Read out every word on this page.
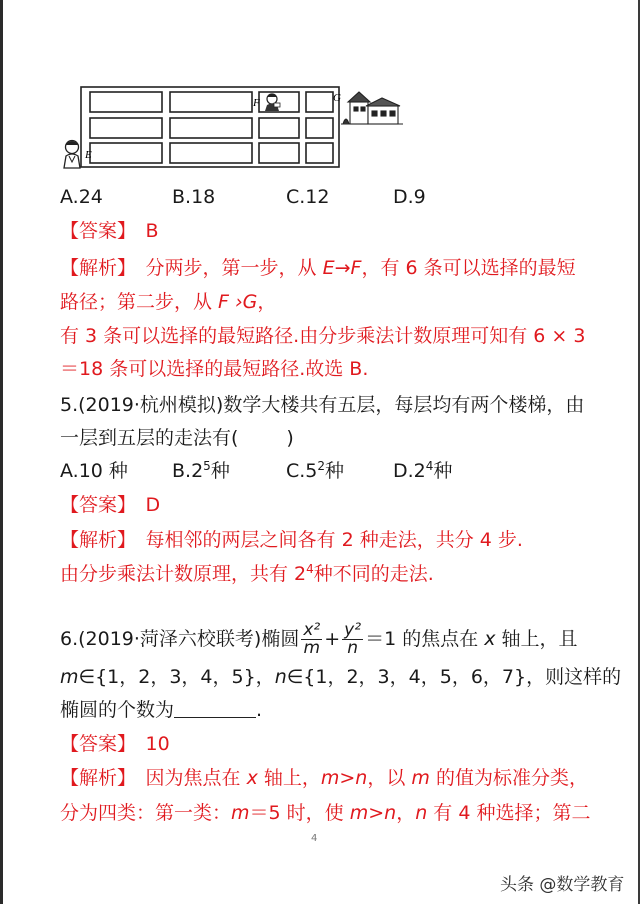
E
F	G
A.24	B.18	C.12	D.9
【答案】　 B
【解析】　 分两步，第一步，从 E→F，有 6 条可以选择的最短
路径；第二步，从 F ›G，
有 3 条可以选择的最短路径.由分步乘法计数原理可知有 6 × 3
＝18 条可以选择的最短路径.故选 B.
5.(2019·杭州模拟)数学大楼共有五层，每层均有两个楼梯，由
一层到五层的走法有(	)
A.10 种 $B.2^5$种	$C.5^2$种	$D.2^4$种
【答案】　 D
【解析】　 每相邻的两层之间各有 2 种走法，共分 4 步.
由分步乘法计数原理，共有 $2^4$种不同的走法.
6.(2019·菏泽六校联考)椭圆 $\frac{\text{x²}}{m} + \frac{\text{y²}}{n} =1$ 的焦点在 x 轴上，且
m∈{1，2，3，4，5}，n∈{1，2，3，4，5，6，7}，则这样的
椭圆的个数为	.
【答案】　 10
【解析】　 因为焦点在 x 轴上，m>n，以 m 的值为标准分类，
分为四类：第一类：m＝5 时，使 m>n，n 有 4 种选择；第二
4
头条 @数学教育
